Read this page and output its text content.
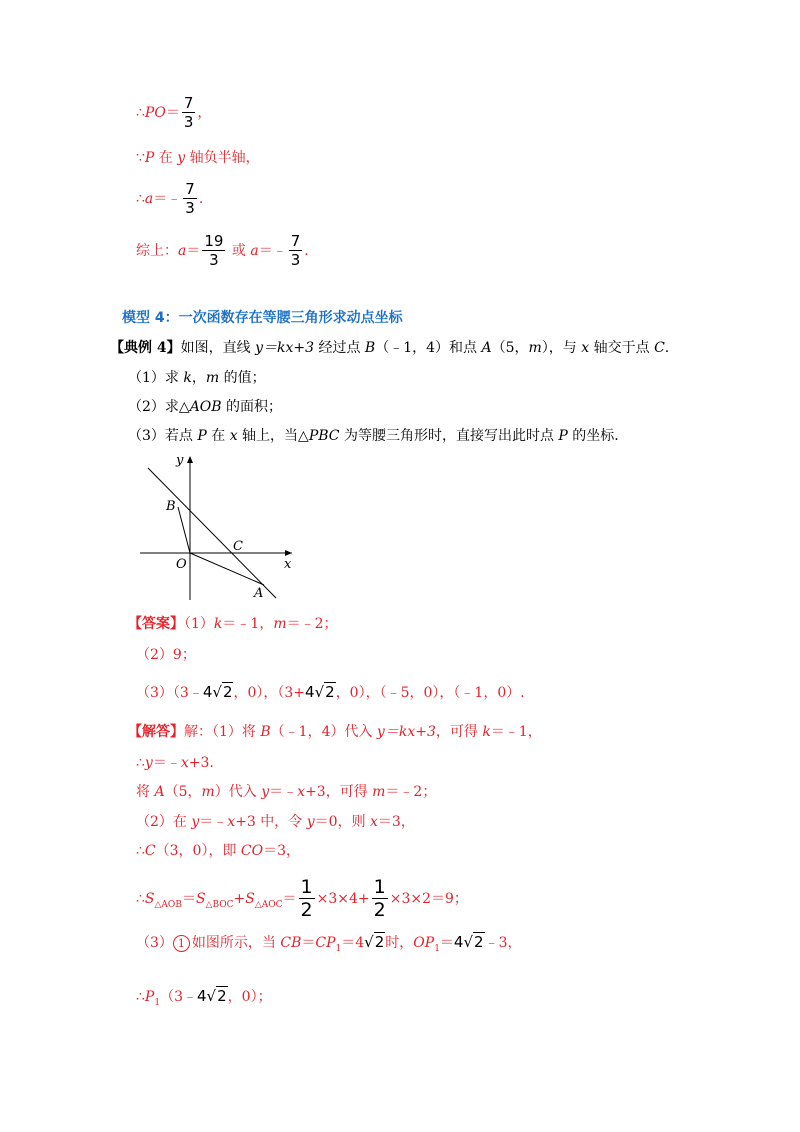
∴PO＝ $\frac{7}{3}$ ，
∵P 在 y 轴负半轴，
∴a＝﹣ $\frac{7}{3}$ .
综上：$a= \frac{19}{3}$ 或 a＝﹣ $\frac{7}{3}$ .
模型 4：一次函数存在等腰三角形求动点坐标
【典例 4】如图，直线 y＝kx+3 经过点 B（﹣1，4）和点 A（5，m），与 x 轴交于点 C.
（1）求 k，m 的值；
（2）求△AOB 的面积；
（3）若点 P 在 x 轴上，当△PBC 为等腰三角形时，直接写出此时点 P 的坐标.
y
x
B
C
O
A
【答案】（1）k＝﹣1，m＝﹣2；
（2）9；
（3）（3﹣4√2，0），（3+4√2，0），（﹣5，0），（﹣1，0）.
【解答】解：（1）将 B（﹣1，4）代入 y＝kx+3，可得 k＝﹣1，
∴y＝﹣x+3.
将 A（5，m）代入 y＝﹣x+3，可得 m＝﹣2；
（2）在 y＝﹣x+3 中，令 y＝0，则 x＝3，
∴C（3，0），即 CO＝3，
$\therefore S_{\triangle AOB}=S_{\triangle BOC}+S_{\triangle AOC}= \frac{1}{2} \times 3\times 4+ \frac{1}{2} \times 3\times 2=9$；
（3） 1 如图所示，当 $CB=CP_1=4√2$时，$OP_1=4√2﹣3$，
$\therefore P_1(3﹣4√2$，0）；
